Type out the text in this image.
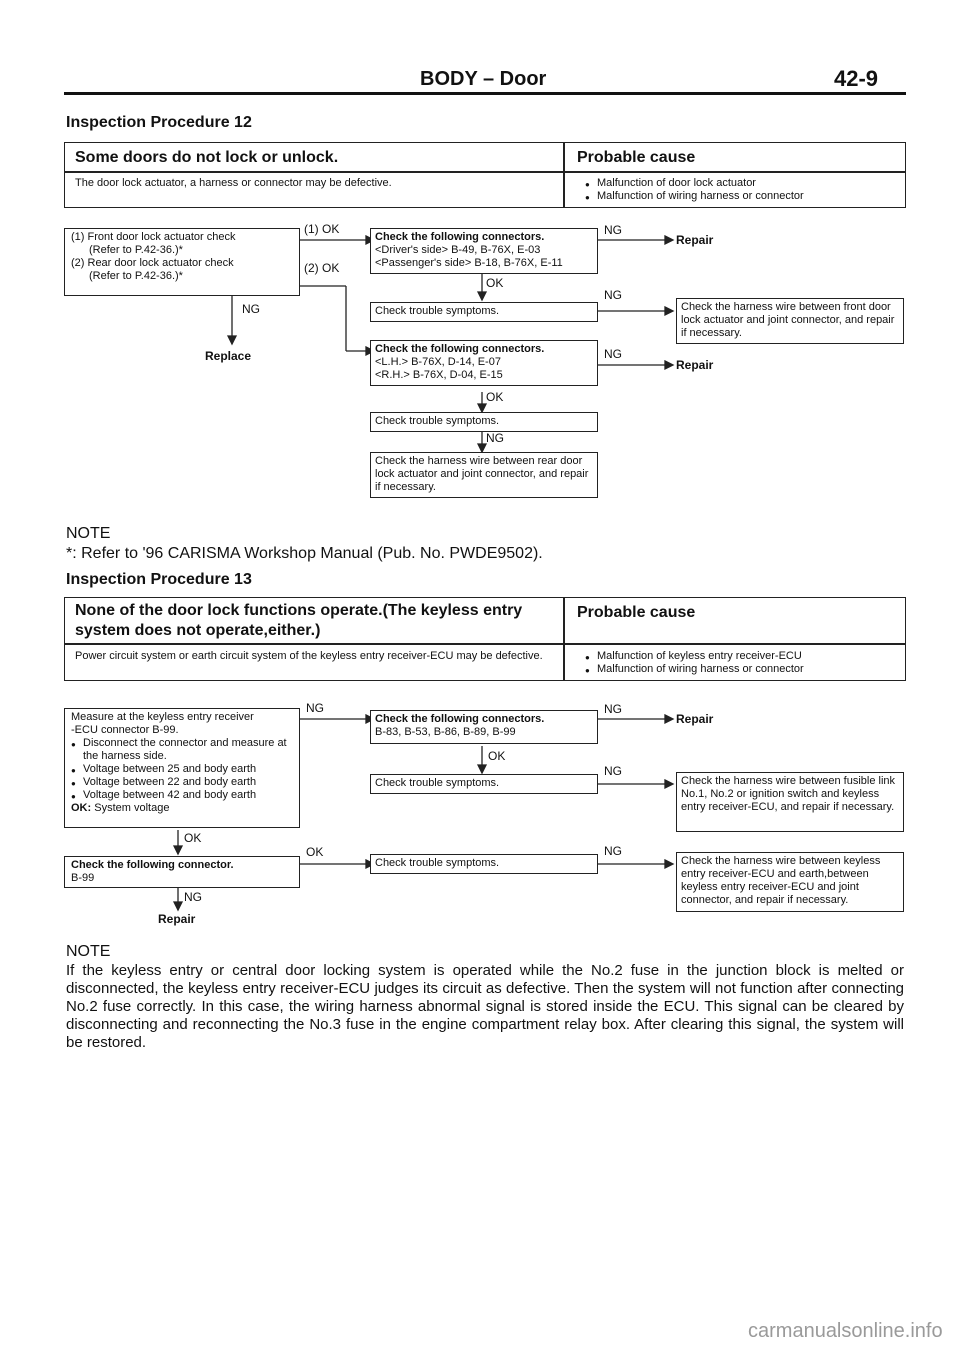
BODY – Door	42-9
Inspection Procedure 12
Some doors do not lock or unlock.	Probable cause
The door lock actuator, a harness or connector may be defective.	● Malfunction of door lock actuator
● Malfunction of wiring harness or connector
(1) Front door lock actuator check
(Refer to P.42-36.)*
(2) Rear door lock actuator check
(Refer to P.42-36.)*
(1) OK
(2) OK
NG
Replace
Check the following connectors.
<Driver's side> B-49, B-76X, E-03
<Passenger's side> B-18, B-76X, E-11
NG
Repair
OK
Check trouble symptoms.
NG
Check the harness wire between front door lock actuator and joint connector, and repair if necessary.
Check the following connectors.
<L.H.> B-76X, D-14, E-07
<R.H.> B-76X, D-04, E-15
NG
Repair
OK
Check trouble symptoms.
NG
Check the harness wire between rear door lock actuator and joint connector, and repair if necessary.
NOTE
*: Refer to '96 CARISMA Workshop Manual (Pub. No. PWDE9502).
Inspection Procedure 13
None of the door lock functions operate.(The keyless entry system does not operate,either.)
Probable cause
Power circuit system or earth circuit system of the keyless entry receiver-ECU may be defective.	● Malfunction of keyless entry receiver-ECU
● Malfunction of wiring harness or connector
Measure at the keyless entry receiver
-ECU connector B-99.
● Disconnect the connector and measure at the harness side.
● Voltage between 25 and body earth
● Voltage between 22 and body earth
● Voltage between 42 and body earth
OK: System voltage
NG
Check the following connectors.
B-83, B-53, B-86, B-89, B-99
NG
Repair
OK
Check trouble symptoms.
NG
Check the harness wire between fusible link No.1, No.2 or ignition switch and keyless entry receiver-ECU, and repair if necessary.
OK
Check the following connector.
B-99
OK
Check trouble symptoms.
NG
Check the harness wire between keyless entry receiver-ECU and earth,between keyless entry receiver-ECU and joint connector, and repair if necessary.
NG
Repair
NOTE
If the keyless entry or central door locking system is operated while the No.2 fuse in the junction block is melted or disconnected, the keyless entry receiver-ECU judges its circuit as defective. Then the system will not function after connecting No.2 fuse correctly. In this case, the wiring harness abnormal signal is stored inside the ECU. This signal can be cleared by disconnecting and reconnecting the No.3 fuse in the engine compartment relay box. After clearing this signal, the system will be restored.
carmanualsonline.info
